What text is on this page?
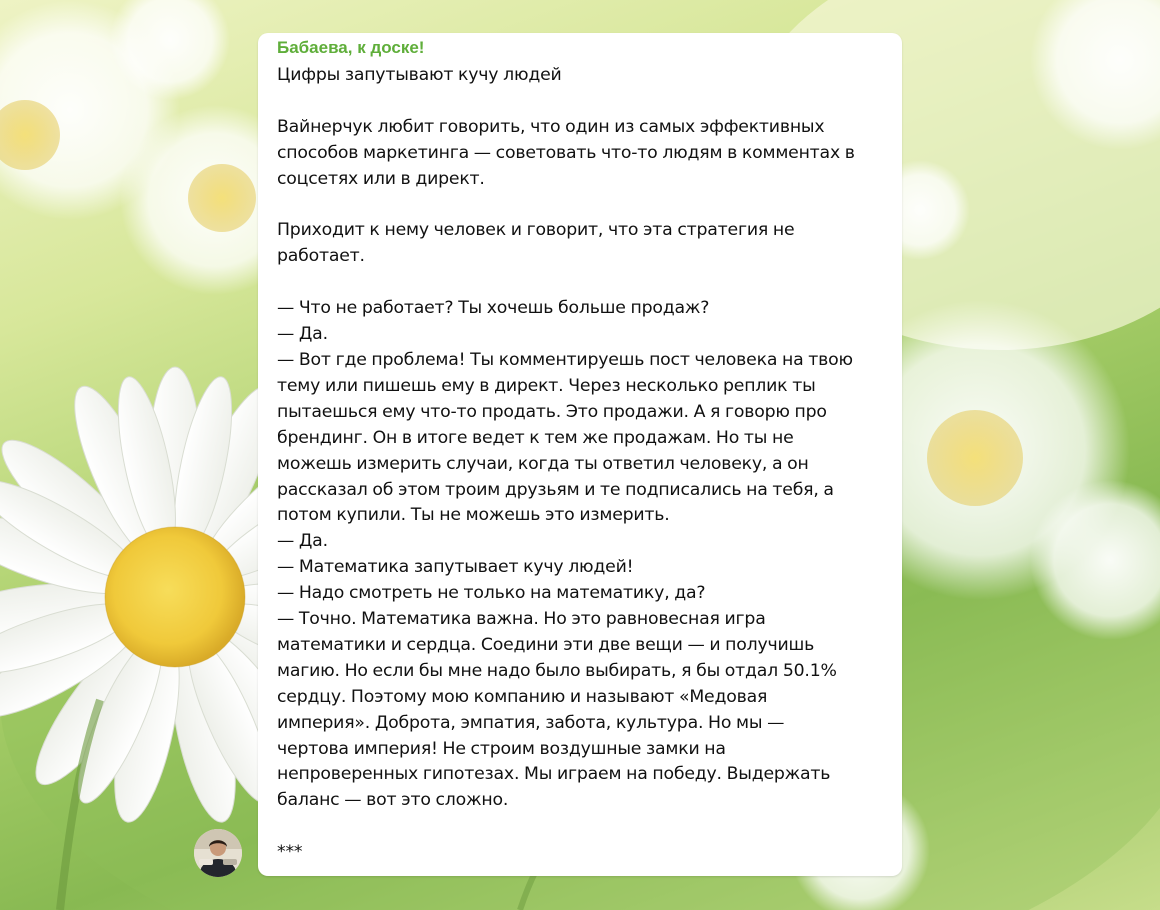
Бабаева, к доске!
Цифры запутывают кучу людей

Вайнерчук любит говорить, что один из самых эффективных
способов маркетинга — советовать что-то людям в комментах в
соцсетях или в директ.

Приходит к нему человек и говорит, что эта стратегия не
работает.

— Что не работает? Ты хочешь больше продаж?
— Да.
— Вот где проблема! Ты комментируешь пост человека на твою
тему или пишешь ему в директ. Через несколько реплик ты
пытаешься ему что-то продать. Это продажи. А я говорю про
брендинг. Он в итоге ведет к тем же продажам. Но ты не
можешь измерить случаи, когда ты ответил человеку, а он
рассказал об этом троим друзьям и те подписались на тебя, а
потом купили. Ты не можешь это измерить.
— Да.
— Математика запутывает кучу людей!
— Надо смотреть не только на математику, да?
— Точно. Математика важна. Но это равновесная игра
математики и сердца. Соедини эти две вещи — и получишь
магию. Но если бы мне надо было выбирать, я бы отдал 50.1%
сердцу. Поэтому мою компанию и называют «Медовая
империя». Доброта, эмпатия, забота, культура. Но мы —
чертова империя! Не строим воздушные замки на
непроверенных гипотезах. Мы играем на победу. Выдержать
баланс — вот это сложно.

***
